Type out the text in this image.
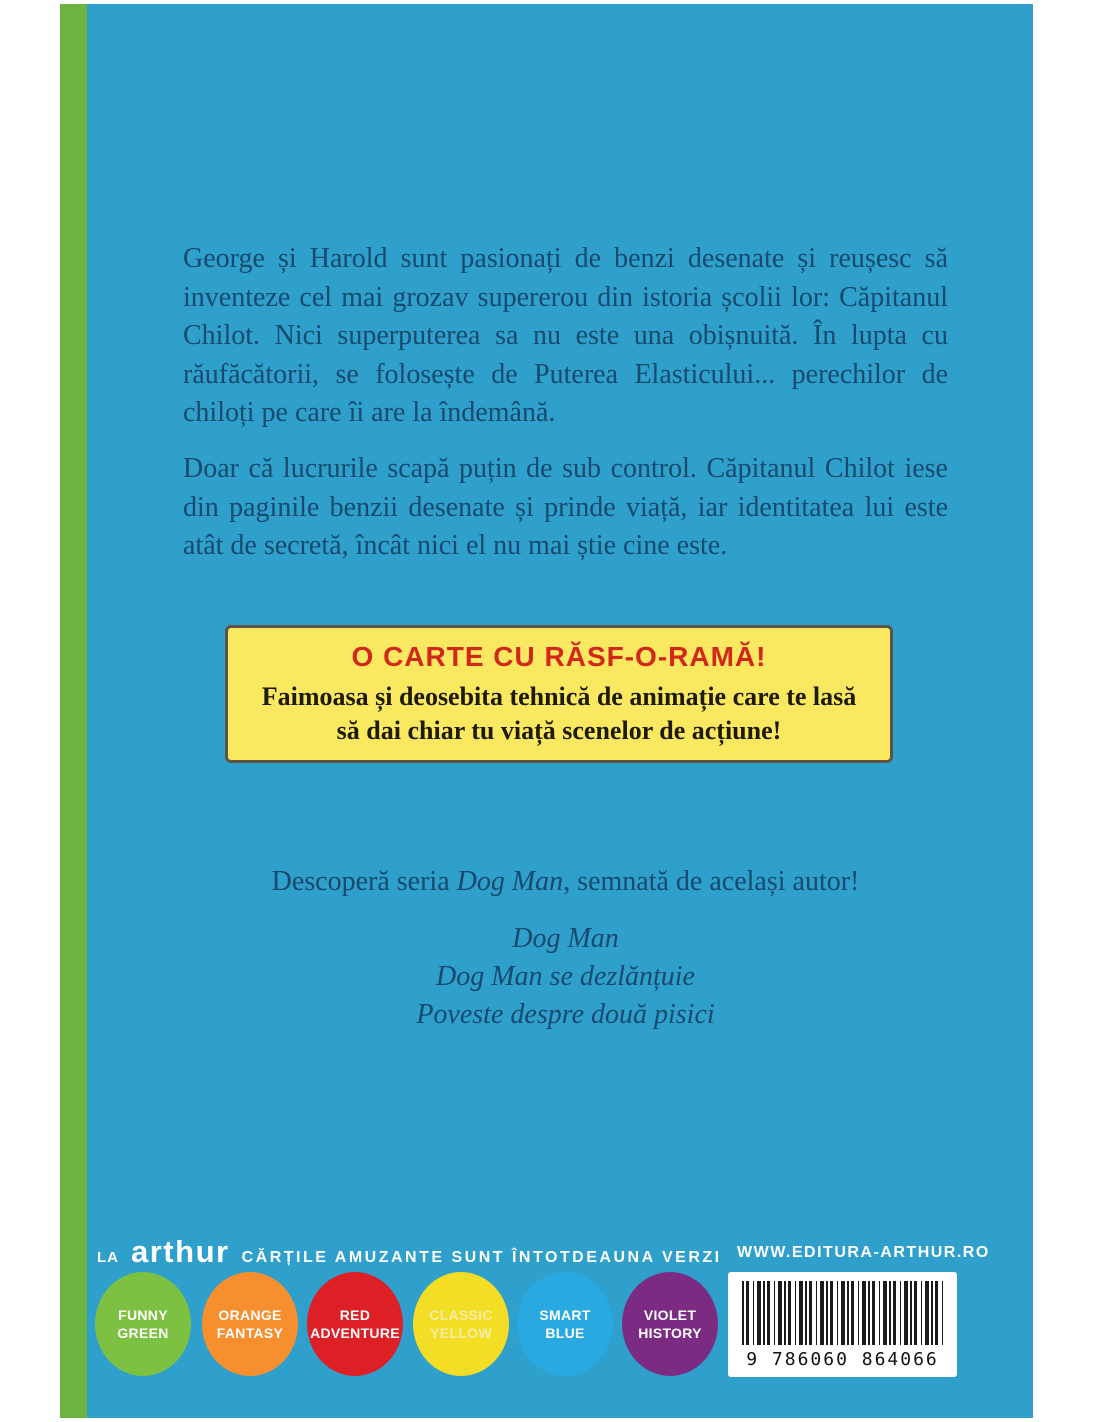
George și Harold sunt pasionați de benzi desenate și reușesc să inventeze cel mai grozav supererou din istoria școlii lor: Căpitanul Chilot. Nici superputerea sa nu este una obișnuită. În lupta cu răufăcătorii, se folosește de Puterea Elasticului... perechilor de chiloți pe care îi are la îndemână.

Doar că lucrurile scapă puțin de sub control. Căpitanul Chilot iese din paginile benzii desenate și prinde viață, iar identitatea lui este atât de secretă, încât nici el nu mai știe cine este.

O CARTE CU RĂSF-O-RAMĂ!
Faimoasa și deosebita tehnică de animație care te lasă să dai chiar tu viață scenelor de acțiune!
Descoperă seria Dog Man, semnată de același autor!
Dog Man
Dog Man se dezlănțuie
Poveste despre două pisici
LA arthur CĂRȚILE AMUZANTE SUNT ÎNTOTDEAUNA VERZI WWW.EDITURA-ARTHUR.RO
FUNNY
GREEN
ORANGE
FANTASY
RED
ADVENTURE
CLASSIC
YELLOW
SMART
BLUE
VIOLET
HISTORY
9 786060 864066
